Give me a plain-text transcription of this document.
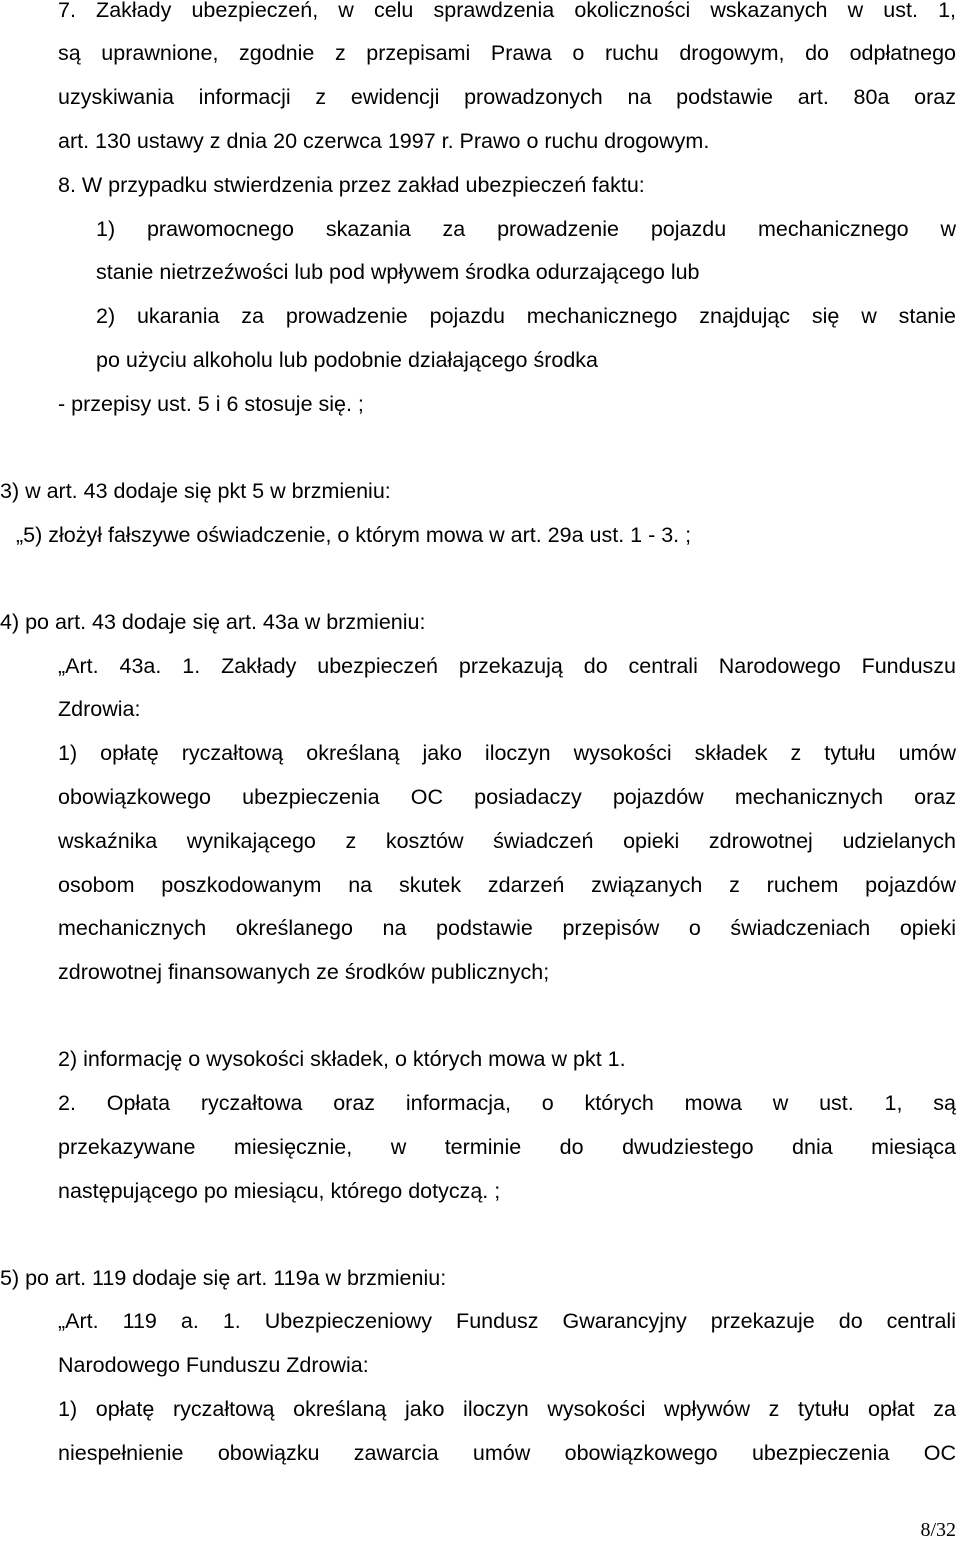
7. Zakłady ubezpieczeń, w celu sprawdzenia okoliczności wskazanych w ust. 1,
są uprawnione, zgodnie z przepisami Prawa o ruchu drogowym, do odpłatnego
uzyskiwania informacji z ewidencji prowadzonych na podstawie art. 80a oraz
art. 130 ustawy z dnia 20 czerwca 1997 r. Prawo o ruchu drogowym.
8. W przypadku stwierdzenia przez zakład ubezpieczeń faktu:
1) prawomocnego skazania za prowadzenie pojazdu mechanicznego w
stanie nietrzeźwości lub pod wpływem środka odurzającego lub
2) ukarania za prowadzenie pojazdu mechanicznego znajdując się w stanie
po użyciu alkoholu lub podobnie działającego środka
- przepisy ust. 5 i 6 stosuje się. ;
3) w art. 43 dodaje się pkt 5 w brzmieniu:
„5) złożył fałszywe oświadczenie, o którym mowa w art. 29a ust. 1 - 3. ;
4) po art. 43 dodaje się art. 43a w brzmieniu:
„Art. 43a. 1. Zakłady ubezpieczeń przekazują do centrali Narodowego Funduszu
Zdrowia:
1) opłatę ryczałtową określaną jako iloczyn wysokości składek z tytułu umów
obowiązkowego ubezpieczenia OC posiadaczy pojazdów mechanicznych oraz
wskaźnika wynikającego z kosztów świadczeń opieki zdrowotnej udzielanych
osobom poszkodowanym na skutek zdarzeń związanych z ruchem pojazdów
mechanicznych określanego na podstawie przepisów o świadczeniach opieki
zdrowotnej finansowanych ze środków publicznych;
2) informację o wysokości składek, o których mowa w pkt 1.
2. Opłata ryczałtowa oraz informacja, o których mowa w ust. 1, są
przekazywane miesięcznie, w terminie do dwudziestego dnia miesiąca
następującego po miesiącu, którego dotyczą. ;
5) po art. 119 dodaje się art. 119a w brzmieniu:
„Art. 119 a. 1. Ubezpieczeniowy Fundusz Gwarancyjny przekazuje do centrali
Narodowego Funduszu Zdrowia:
1) opłatę ryczałtową określaną jako iloczyn wysokości wpływów z tytułu opłat za
niespełnienie obowiązku zawarcia umów obowiązkowego ubezpieczenia OC
8/32
